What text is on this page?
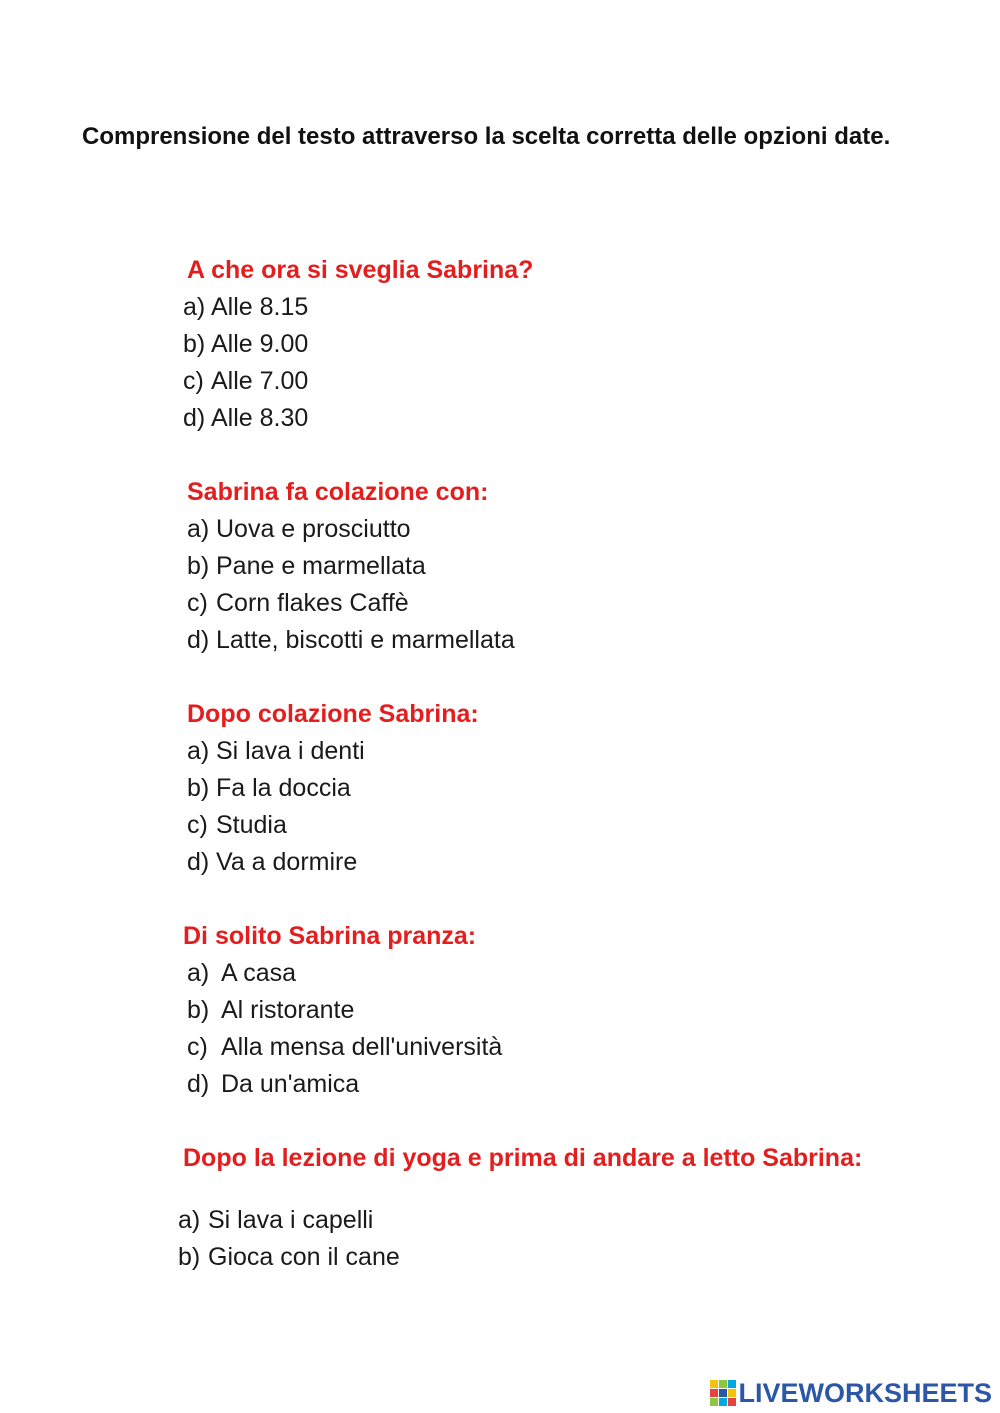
Comprensione del testo attraverso la scelta corretta delle opzioni date.
A che ora si sveglia Sabrina?
a) Alle 8.15
b) Alle 9.00
c) Alle 7.00
d) Alle 8.30
Sabrina fa colazione con:
a) Uova e prosciutto
b) Pane e marmellata
c) Corn flakes Caffè
d) Latte, biscotti e marmellata
Dopo colazione Sabrina:
a) Si lava i denti
b) Fa la doccia
c) Studia
d) Va a dormire
Di solito Sabrina pranza:
a) A casa
b) Al ristorante
c) Alla mensa dell'università
d) Da un'amica
Dopo la lezione di yoga e prima di andare a letto Sabrina:
a) Si lava i capelli
b) Gioca con il cane
LIVEWORKSHEETS
